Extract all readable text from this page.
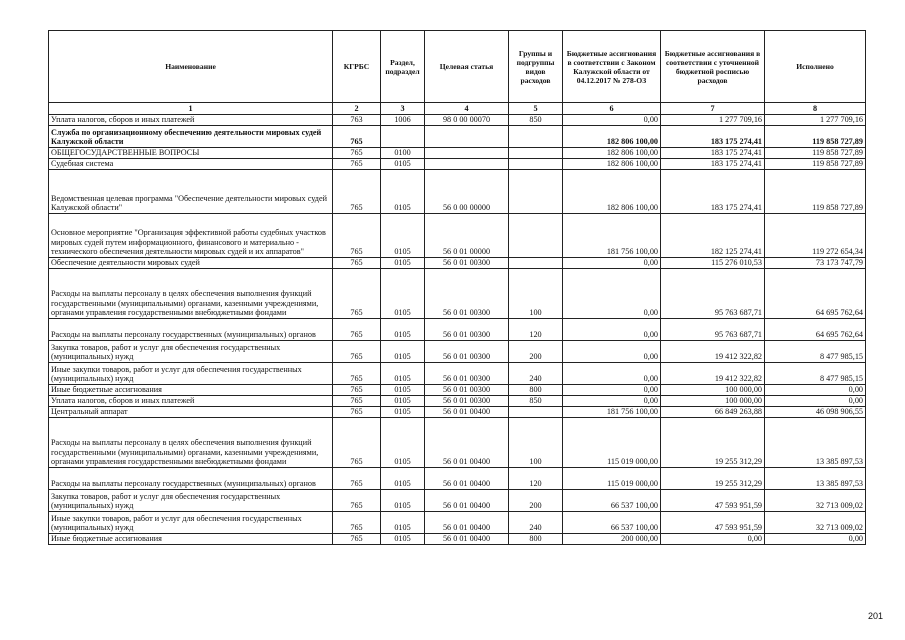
Наименование	КГРБС	Раздел, подраздел	Целевая статья	Группы и подгруппы видов расходов	Бюджетные ассигнования в соответствии с Законом Калужской области от 04.12.2017 № 278-ОЗ	Бюджетные ассигнования в соответствии с уточненной бюджетной росписью расходов	Исполнено
1	2	3	4	5	6	7	8
Уплата налогов, сборов и иных платежей	763	1006	98 0 00 00070	850	0,00	1 277 709,16	1 277 709,16
Служба по организационному обеспечению деятельности мировых судей Калужской области	765				182 806 100,00	183 175 274,41	119 858 727,89
ОБЩЕГОСУДАРСТВЕННЫЕ ВОПРОСЫ	765	0100			182 806 100,00	183 175 274,41	119 858 727,89
Судебная система	765	0105			182 806 100,00	183 175 274,41	119 858 727,89
Ведомственная целевая программа "Обеспечение деятельности мировых судей Калужской области"	765	0105	56 0 00 00000		182 806 100,00	183 175 274,41	119 858 727,89
Основное мероприятие "Организация эффективной работы судебных участков мировых судей путем информационного, финансового и материально - технического обеспечения деятельности мировых судей и их аппаратов"	765	0105	56 0 01 00000		181 756 100,00	182 125 274,41	119 272 654,34
Обеспечение деятельности мировых судей	765	0105	56 0 01 00300		0,00	115 276 010,53	73 173 747,79
Расходы на выплаты персоналу в целях обеспечения выполнения функций государственными (муниципальными) органами, казенными учреждениями, органами управления государственными внебюджетными фондами	765	0105	56 0 01 00300	100	0,00	95 763 687,71	64 695 762,64
Расходы на выплаты персоналу государственных (муниципальных) органов	765	0105	56 0 01 00300	120	0,00	95 763 687,71	64 695 762,64
Закупка товаров, работ и услуг для обеспечения государственных (муниципальных) нужд	765	0105	56 0 01 00300	200	0,00	19 412 322,82	8 477 985,15
Иные закупки товаров, работ и услуг для обеспечения государственных (муниципальных) нужд	765	0105	56 0 01 00300	240	0,00	19 412 322,82	8 477 985,15
Иные бюджетные ассигнования	765	0105	56 0 01 00300	800	0,00	100 000,00	0,00
Уплата налогов, сборов и иных платежей	765	0105	56 0 01 00300	850	0,00	100 000,00	0,00
Центральный аппарат	765	0105	56 0 01 00400		181 756 100,00	66 849 263,88	46 098 906,55
Расходы на выплаты персоналу в целях обеспечения выполнения функций государственными (муниципальными) органами, казенными учреждениями, органами управления государственными внебюджетными фондами	765	0105	56 0 01 00400	100	115 019 000,00	19 255 312,29	13 385 897,53
Расходы на выплаты персоналу государственных (муниципальных) органов	765	0105	56 0 01 00400	120	115 019 000,00	19 255 312,29	13 385 897,53
Закупка товаров, работ и услуг для обеспечения государственных (муниципальных) нужд	765	0105	56 0 01 00400	200	66 537 100,00	47 593 951,59	32 713 009,02
Иные закупки товаров, работ и услуг для обеспечения государственных (муниципальных) нужд	765	0105	56 0 01 00400	240	66 537 100,00	47 593 951,59	32 713 009,02
Иные бюджетные ассигнования	765	0105	56 0 01 00400	800	200 000,00	0,00	0,00
201
